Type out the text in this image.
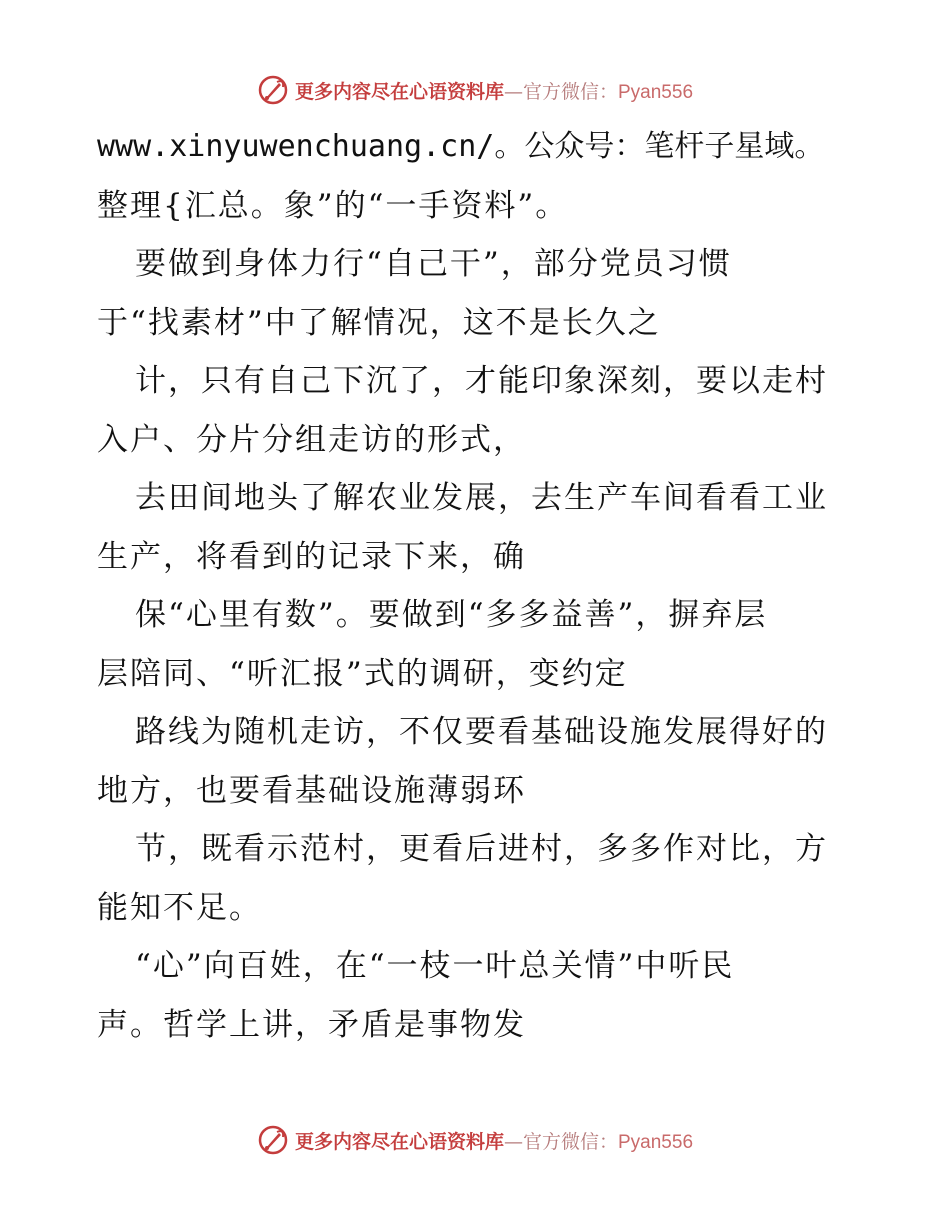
更多内容尽在心语资料库—官方微信：Pyan556
www.xinyuwenchuang.cn/。公众号：笔杆子星域。
整理{汇总。象”的“一手资料”。
要做到身体力行“自己干”，部分党员习惯
于“找素材”中了解情况，这不是长久之
计，只有自己下沉了，才能印象深刻，要以走村
入户、分片分组走访的形式，
去田间地头了解农业发展，去生产车间看看工业
生产，将看到的记录下来，确
保“心里有数”。要做到“多多益善”，摒弃层
层陪同、“听汇报”式的调研，变约定
路线为随机走访，不仅要看基础设施发展得好的
地方，也要看基础设施薄弱环
节，既看示范村，更看后进村，多多作对比，方
能知不足。
“心”向百姓，在“一枝一叶总关情”中听民
声。哲学上讲，矛盾是事物发
更多内容尽在心语资料库—官方微信：Pyan556
